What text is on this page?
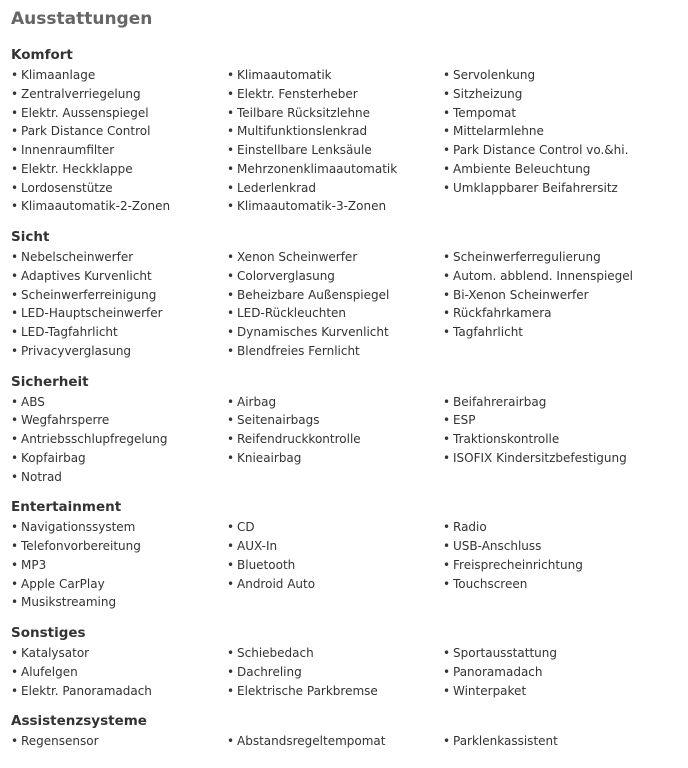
Ausstattungen
Komfort
• Klimaanlage	• Klimaautomatik	• Servolenkung
• Zentralverriegelung	• Elektr. Fensterheber	• Sitzheizung
• Elektr. Aussenspiegel	• Teilbare Rücksitzlehne	• Tempomat
• Park Distance Control	• Multifunktionslenkrad	• Mittelarmlehne
• Innenraumfilter	• Einstellbare Lenksäule	• Park Distance Control vo.&hi.
• Elektr. Heckklappe	• Mehrzonenklimaautomatik	• Ambiente Beleuchtung
• Lordosenstütze	• Lederlenkrad	• Umklappbarer Beifahrersitz
• Klimaautomatik-2-Zonen	• Klimaautomatik-3-Zonen
Sicht
• Nebelscheinwerfer	• Xenon Scheinwerfer	• Scheinwerferregulierung
• Adaptives Kurvenlicht	• Colorverglasung	• Autom. abblend. Innenspiegel
• Scheinwerferreinigung	• Beheizbare Außenspiegel	• Bi-Xenon Scheinwerfer
• LED-Hauptscheinwerfer	• LED-Rückleuchten	• Rückfahrkamera
• LED-Tagfahrlicht	• Dynamisches Kurvenlicht	• Tagfahrlicht
• Privacyverglasung	• Blendfreies Fernlicht
Sicherheit
• ABS	• Airbag	• Beifahrerairbag
• Wegfahrsperre	• Seitenairbags	• ESP
• Antriebsschlupfregelung	• Reifendruckkontrolle	• Traktionskontrolle
• Kopfairbag	• Knieairbag	• ISOFIX Kindersitzbefestigung
• Notrad
Entertainment
• Navigationssystem	• CD	• Radio
• Telefonvorbereitung	• AUX-In	• USB-Anschluss
• MP3	• Bluetooth	• Freisprecheinrichtung
• Apple CarPlay	• Android Auto	• Touchscreen
• Musikstreaming
Sonstiges
• Katalysator	• Schiebedach	• Sportausstattung
• Alufelgen	• Dachreling	• Panoramadach
• Elektr. Panoramadach	• Elektrische Parkbremse	• Winterpaket
Assistenzsysteme
• Regensensor	• Abstandsregeltempomat	• Parklenkassistent
